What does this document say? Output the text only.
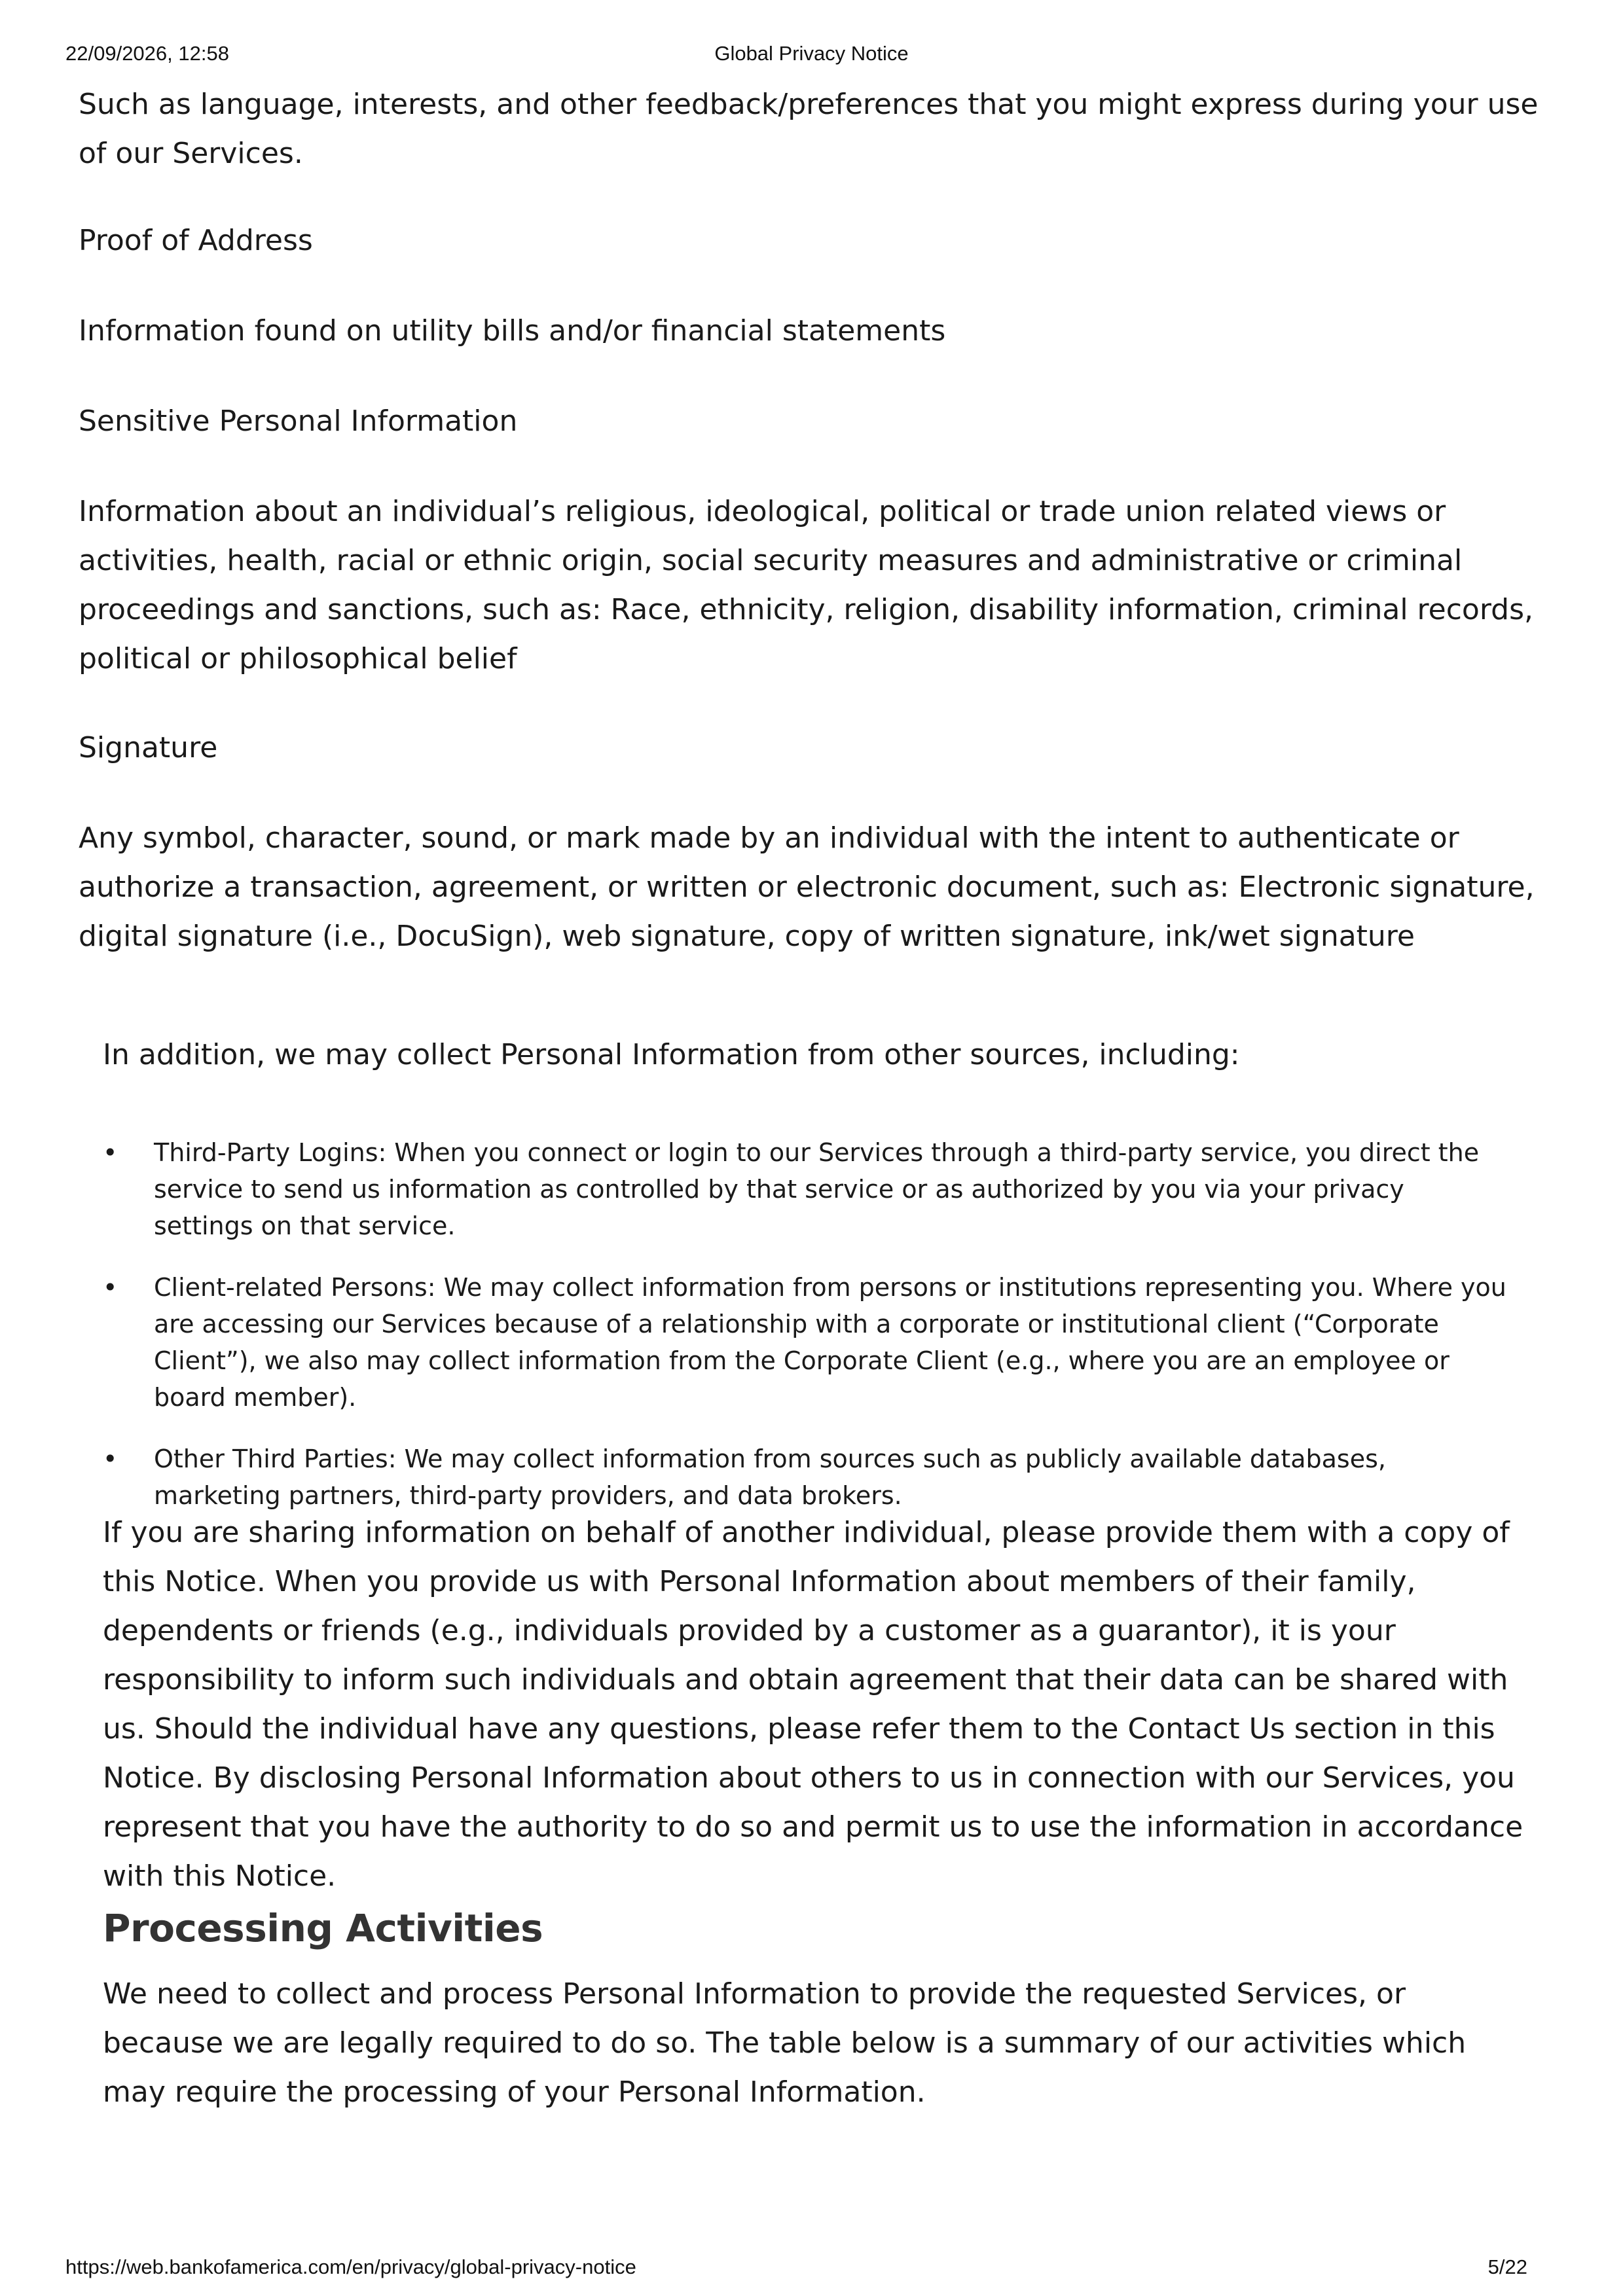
22/09/2026, 12:58	Global Privacy Notice

Such as language, interests, and other feedback/preferences that you might express during your use of our Services.

Proof of Address

Information found on utility bills and/or financial statements

Sensitive Personal Information

Information about an individual’s religious, ideological, political or trade union related views or activities, health, racial or ethnic origin, social security measures and administrative or criminal proceedings and sanctions, such as: Race, ethnicity, religion, disability information, criminal records, political or philosophical belief

Signature

Any symbol, character, sound, or mark made by an individual with the intent to authenticate or authorize a transaction, agreement, or written or electronic document, such as: Electronic signature, digital signature (i.e., DocuSign), web signature, copy of written signature, ink/wet signature

In addition, we may collect Personal Information from other sources, including:

• Third-Party Logins: When you connect or login to our Services through a third-party service, you direct the service to send us information as controlled by that service or as authorized by you via your privacy settings on that service.
• Client-related Persons: We may collect information from persons or institutions representing you. Where you are accessing our Services because of a relationship with a corporate or institutional client (“Corporate Client”), we also may collect information from the Corporate Client (e.g., where you are an employee or board member).
• Other Third Parties: We may collect information from sources such as publicly available databases, marketing partners, third-party providers, and data brokers.

If you are sharing information on behalf of another individual, please provide them with a copy of this Notice. When you provide us with Personal Information about members of their family, dependents or friends (e.g., individuals provided by a customer as a guarantor), it is your responsibility to inform such individuals and obtain agreement that their data can be shared with us. Should the individual have any questions, please refer them to the Contact Us section in this Notice. By disclosing Personal Information about others to us in connection with our Services, you represent that you have the authority to do so and permit us to use the information in accordance with this Notice.

Processing Activities

We need to collect and process Personal Information to provide the requested Services, or because we are legally required to do so. The table below is a summary of our activities which may require the processing of your Personal Information.

https://web.bankofamerica.com/en/privacy/global-privacy-notice	5/22
